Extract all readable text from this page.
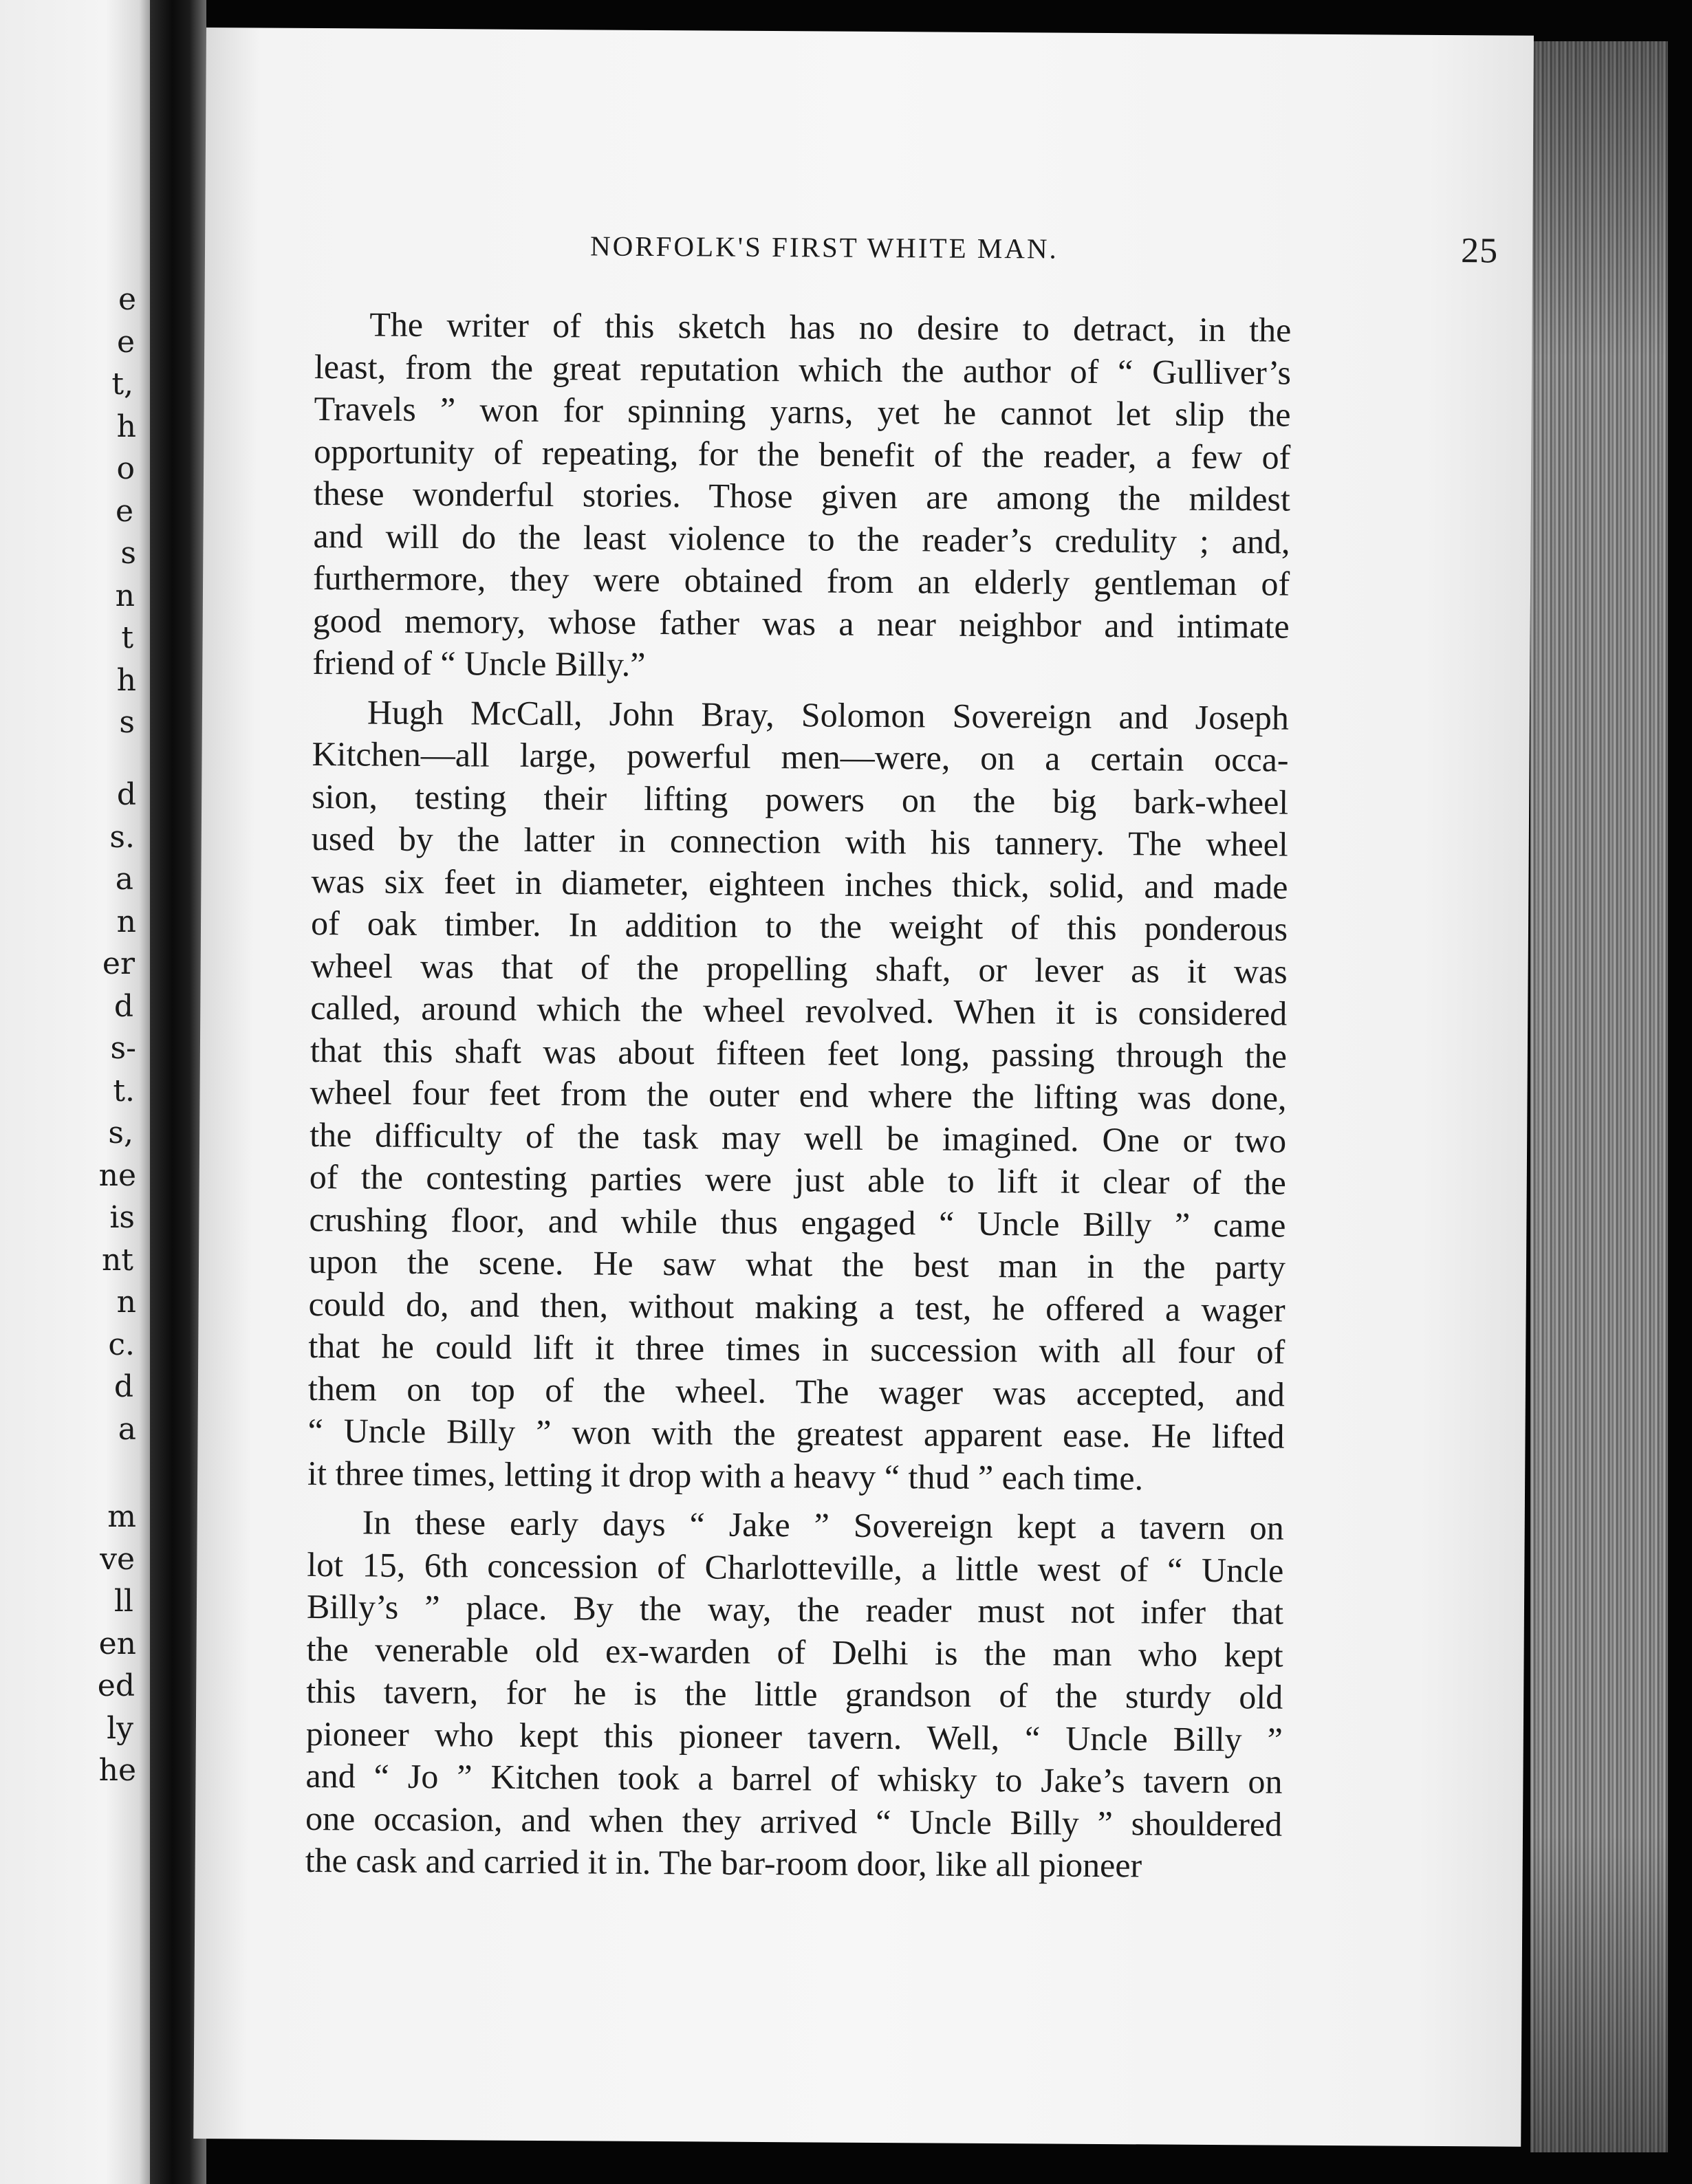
e
e
t,
h
o
e
s
n
t
h
s
d
s.
a
n
er
d
s-
t.
s,
ne
is
nt
n
c.
d
a
m
ve
ll
en
ed
ly
he
NORFOLK'S FIRST WHITE MAN.	25
The writer of this sketch has no desire to detract, in the
least, from the great reputation which the author of “ Gulliver’s
Travels ” won for spinning yarns, yet he cannot let slip the
opportunity of repeating, for the benefit of the reader, a few of
these wonderful stories. Those given are among the mildest
and will do the least violence to the reader’s credulity ; and,
furthermore, they were obtained from an elderly gentleman of
good memory, whose father was a near neighbor and intimate
friend of “ Uncle Billy.”
Hugh McCall, John Bray, Solomon Sovereign and Joseph
Kitchen—all large, powerful men—were, on a certain occa-
sion, testing their lifting powers on the big bark-wheel
used by the latter in connection with his tannery. The wheel
was six feet in diameter, eighteen inches thick, solid, and made
of oak timber. In addition to the weight of this ponderous
wheel was that of the propelling shaft, or lever as it was
called, around which the wheel revolved. When it is considered
that this shaft was about fifteen feet long, passing through the
wheel four feet from the outer end where the lifting was done,
the difficulty of the task may well be imagined. One or two
of the contesting parties were just able to lift it clear of the
crushing floor, and while thus engaged “ Uncle Billy ” came
upon the scene. He saw what the best man in the party
could do, and then, without making a test, he offered a wager
that he could lift it three times in succession with all four of
them on top of the wheel. The wager was accepted, and
“ Uncle Billy ” won with the greatest apparent ease. He lifted
it three times, letting it drop with a heavy “ thud ” each time.
In these early days “ Jake ” Sovereign kept a tavern on
lot 15, 6th concession of Charlotteville, a little west of “ Uncle
Billy’s ” place. By the way, the reader must not infer that
the venerable old ex-warden of Delhi is the man who kept
this tavern, for he is the little grandson of the sturdy old
pioneer who kept this pioneer tavern. Well, “ Uncle Billy ”
and “ Jo ” Kitchen took a barrel of whisky to Jake’s tavern on
one occasion, and when they arrived “ Uncle Billy ” shouldered
the cask and carried it in. The bar-room door, like all pioneer
